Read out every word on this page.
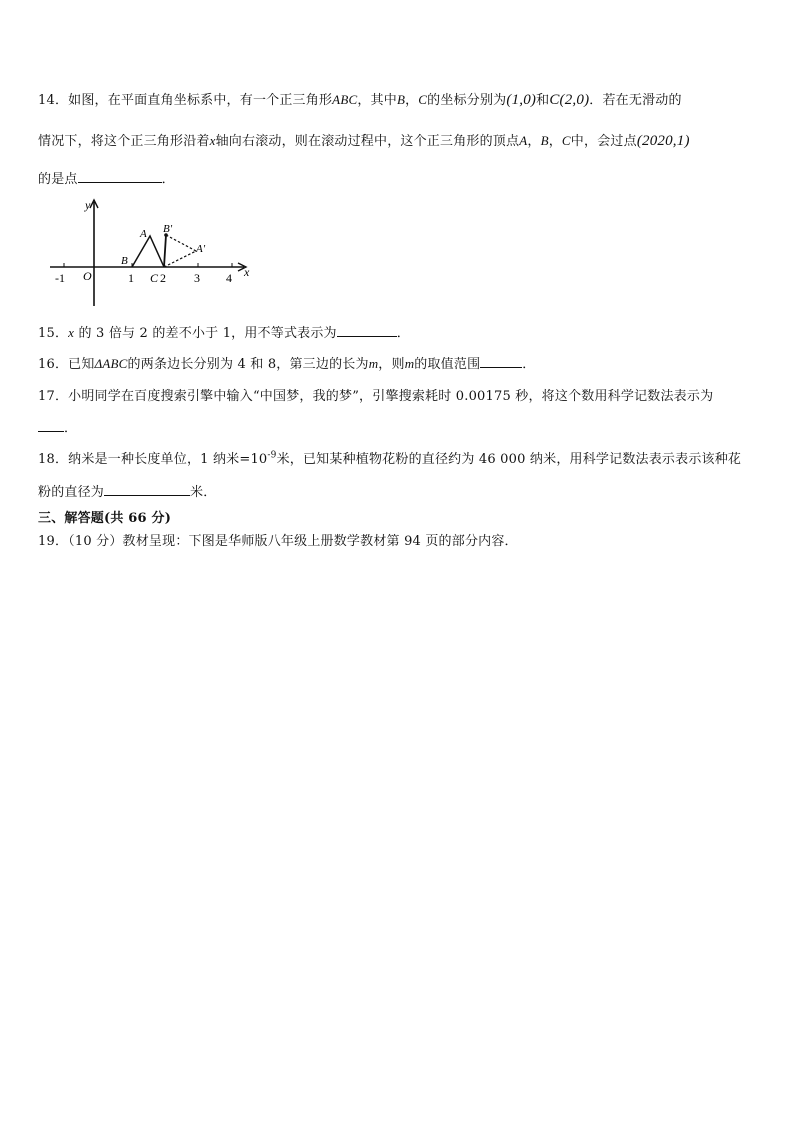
14．如图，在平面直角坐标系中，有一个正三角形ABC，其中B，C的坐标分别为(1,0)和C(2,0)．若在无滑动的
情况下，将这个正三角形沿着x轴向右滚动，则在滚动过程中，这个正三角形的顶点A，B，C中，会过点(2020,1)
的是点	．
y
x
O
-1	1 2 3 4
A
B
C
B'
A'
15．x 的 3 倍与 2 的差不小于 1，用不等式表示为	．
16．已知ΔABC的两条边长分别为 4 和 8，第三边的长为m，则m的取值范围	．
17．小明同学在百度搜索引擎中输入“中国梦，我的梦”，引擎搜索耗时 0.00175 秒，将这个数用科学记数法表示为
．
18．纳米是一种长度单位，1 纳米$=10^{-9}$米，已知某种植物花粉的直径约为 46 000 纳米，用科学记数法表示表示该种花
粉的直径为	米．
三、解答题(共 66 分)
19．（10 分）教材呈现：下图是华师版八年级上册数学教材第 94 页的部分内容．
